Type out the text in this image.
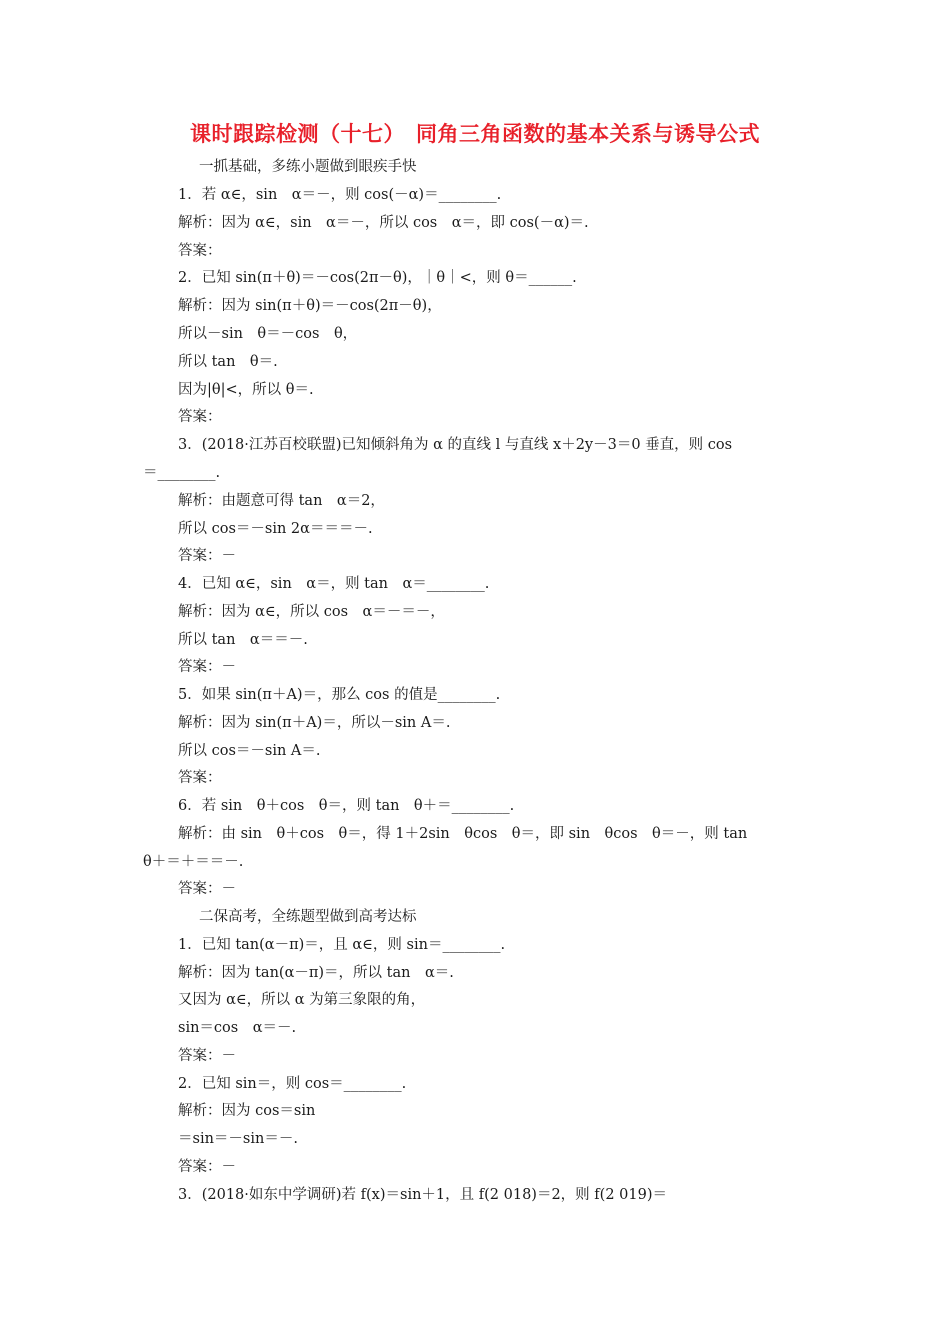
课时跟踪检测（十七）　同角三角函数的基本关系与诱导公式
一抓基础，多练小题做到眼疾手快
1．若 α∈，sin　α＝－，则 cos(－α)＝________.
解析：因为 α∈，sin　α＝－，所以 cos　α＝，即 cos(－α)＝.
答案：
2．已知 sin(π＋θ)＝－cos(2π－θ)，｜θ｜<，则 θ＝______.
解析：因为 sin(π＋θ)＝－cos(2π－θ)，
所以－sin　θ＝－cos　θ，
所以 tan　θ＝.
因为|θ|<，所以 θ＝.
答案：
3．(2018·江苏百校联盟)已知倾斜角为 α 的直线 l 与直线 x＋2y－3＝0 垂直，则 cos
＝________.
解析：由题意可得 tan　α＝2，
所以 cos＝－sin 2α＝＝＝－.
答案：－
4．已知 α∈，sin　α＝，则 tan　α＝________.
解析：因为 α∈，所以 cos　α＝－＝－，
所以 tan　α＝＝－.
答案：－
5．如果 sin(π＋A)＝，那么 cos 的值是________.
解析：因为 sin(π＋A)＝，所以－sin A＝.
所以 cos＝－sin A＝.
答案：
6．若 sin　θ＋cos　θ＝，则 tan　θ＋＝________.
解析：由 sin　θ＋cos　θ＝，得 1＋2sin　θcos　θ＝，即 sin　θcos　θ＝－，则 tan
θ＋＝＋＝＝－.
答案：－
二保高考，全练题型做到高考达标
1．已知 tan(α－π)＝，且 α∈，则 sin＝________.
解析：因为 tan(α－π)＝，所以 tan　α＝.
又因为 α∈，所以 α 为第三象限的角，
sin＝cos　α＝－.
答案：－
2．已知 sin＝，则 cos＝________.
解析：因为 cos＝sin
＝sin＝－sin＝－.
答案：－
3．(2018·如东中学调研)若 f(x)＝sin＋1，且 f(2 018)＝2，则 f(2 019)＝
